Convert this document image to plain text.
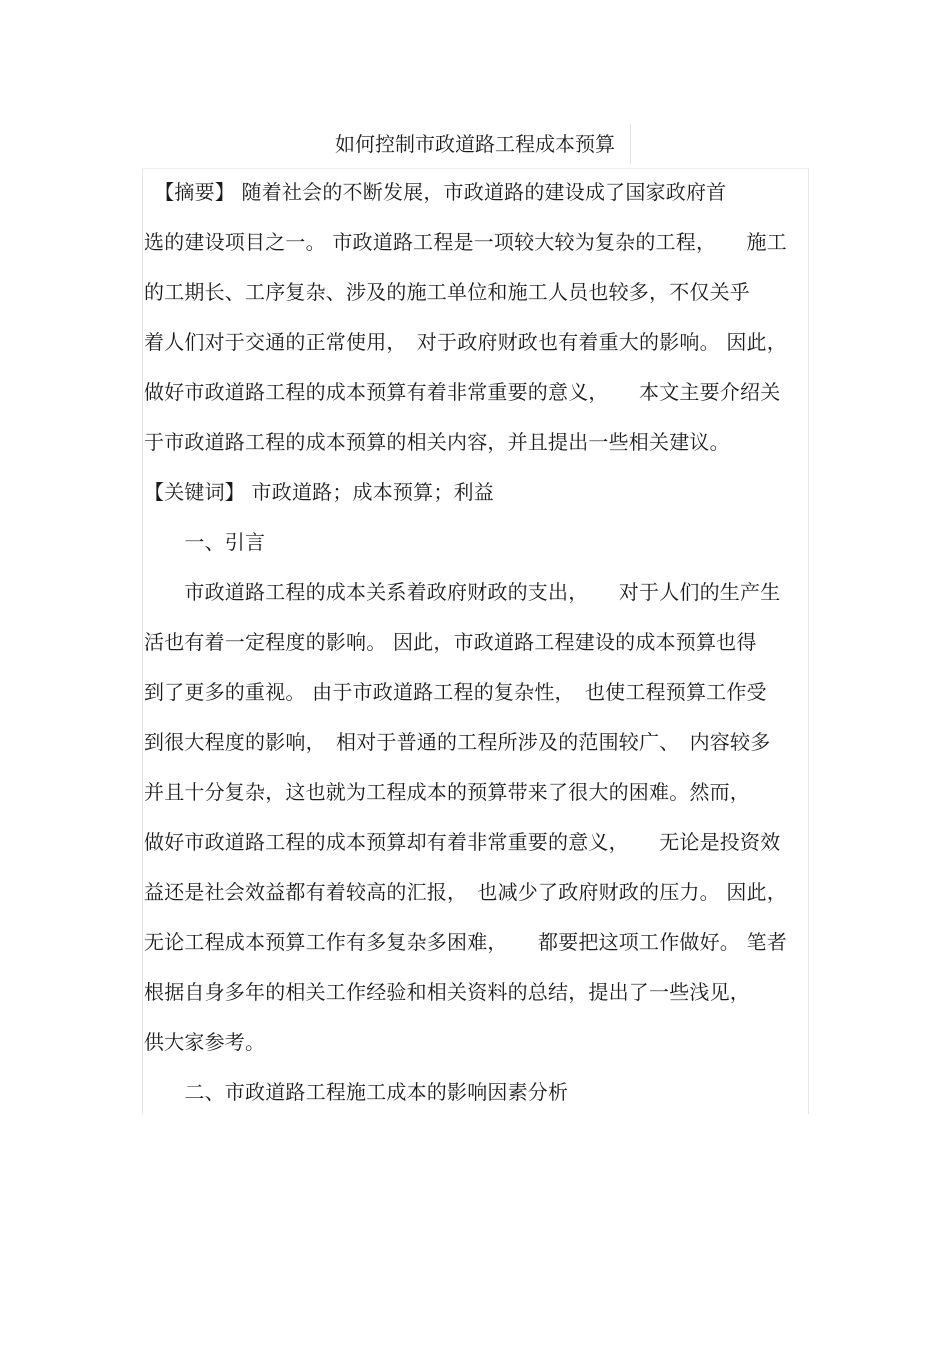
如何控制市政道路工程成本预算
　【摘要】 随着社会的不断发展，市政道路的建设成了国家政府首
选的建设项目之一。 市政道路工程是一项较大较为复杂的工程，　　施工
的工期长、工序复杂、涉及的施工单位和施工人员也较多，不仅关乎
着人们对于交通的正常使用，　对于政府财政也有着重大的影响。 因此，
做好市政道路工程的成本预算有着非常重要的意义，　　本文主要介绍关
于市政道路工程的成本预算的相关内容，并且提出一些相关建议。
【关键词】 市政道路；成本预算；利益
　　一、引言
　　市政道路工程的成本关系着政府财政的支出，　　对于人们的生产生
活也有着一定程度的影响。 因此，市政道路工程建设的成本预算也得
到了更多的重视。 由于市政道路工程的复杂性，　也使工程预算工作受
到很大程度的影响，　相对于普通的工程所涉及的范围较广、　内容较多
并且十分复杂，这也就为工程成本的预算带来了很大的困难。然而，
做好市政道路工程的成本预算却有着非常重要的意义，　　无论是投资效
益还是社会效益都有着较高的汇报，　也减少了政府财政的压力。 因此，
无论工程成本预算工作有多复杂多困难，　　都要把这项工作做好。 笔者
根据自身多年的相关工作经验和相关资料的总结，提出了一些浅见，
供大家参考。
　　二、市政道路工程施工成本的影响因素分析
